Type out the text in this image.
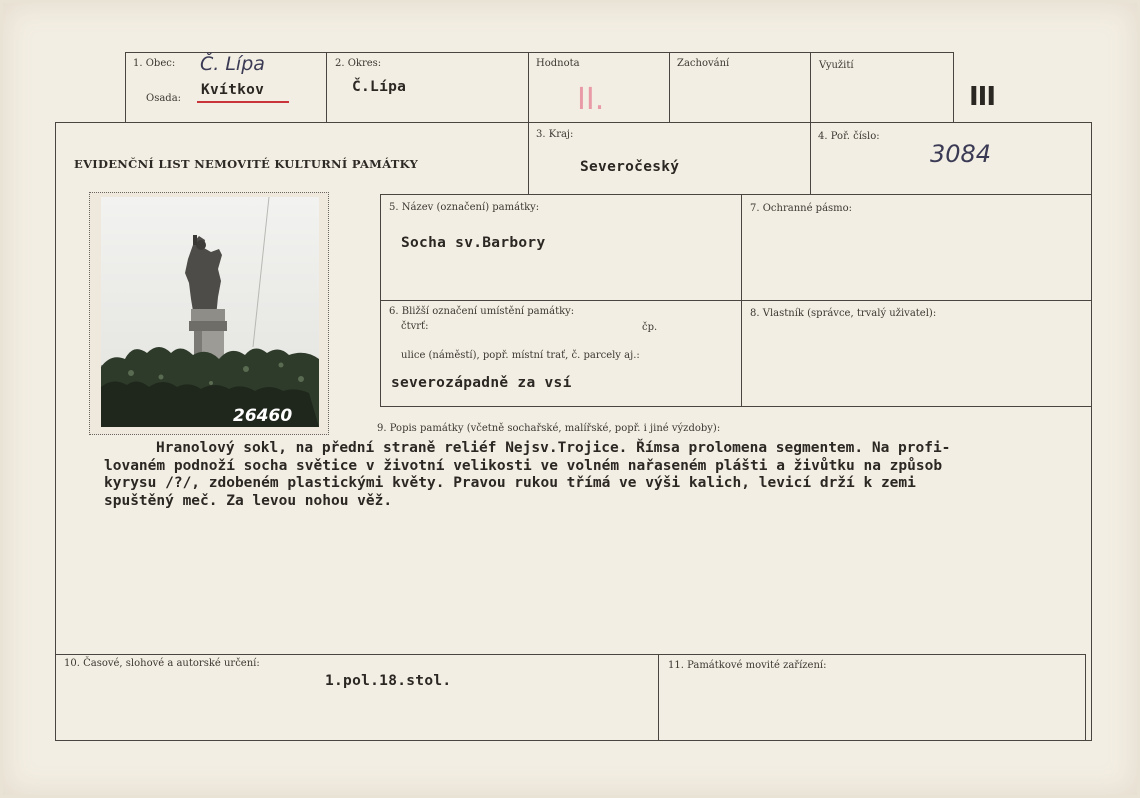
1. Obec: Č. Lípa
Osada:
Kvítkov
2. Okres:
Č.Lípa
Hodnota
II.
Zachování	Využití
III
EVIDENČNÍ LIST NEMOVITÉ KULTURNÍ PAMÁTKY
3. Kraj:
Severočeský
4. Poř. číslo:
3084
5. Název (označení) památky:
Socha sv.Barbory
7. Ochranné pásmo:
6. Bližší označení umístění památky:
čtvrť:	čp.
ulice (náměstí), popř. místní trať, č. parcely aj.:
severozápadně za vsí
8. Vlastník (správce, trvalý uživatel):
26460
9. Popis památky (včetně sochařské, malířské, popř. i jiné výzdoby):
Hranolový sokl, na přední straně reliéf Nejsv.Trojice. Římsa prolomena segmentem. Na profi-
lovaném podnoží socha světice v životní velikosti ve volném nařaseném plášti a živůtku na způsob
kyrysu /?/, zdobeném plastickými květy. Pravou rukou třímá ve výši kalich, levicí drží k zemi
spuštěný meč. Za levou nohou věž.
10. Časové, slohové a autorské určení:
1.pol.18.stol.
11. Památkové movité zařízení:
